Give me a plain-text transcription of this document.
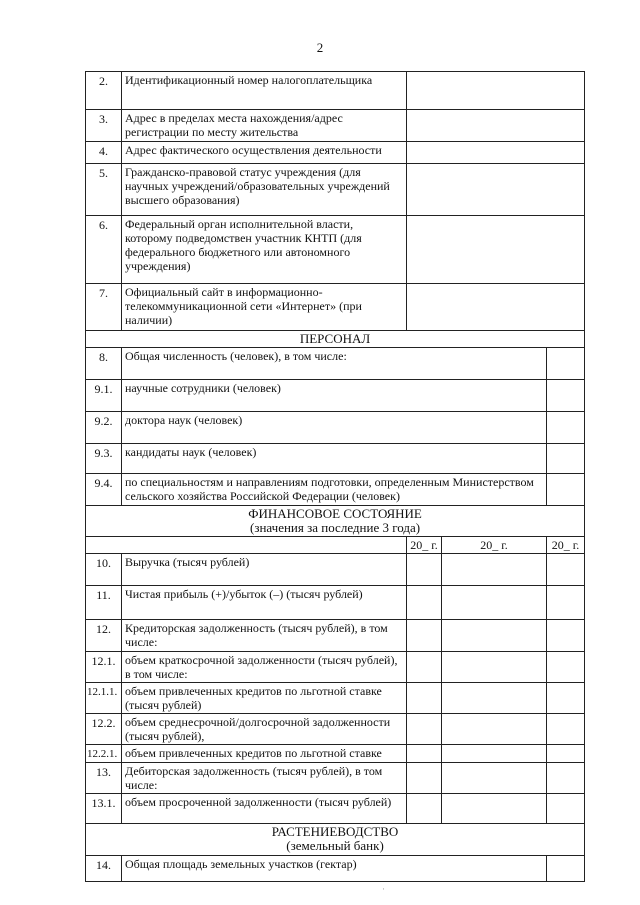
2
2.	Идентификационный номер налогоплательщика			
3.	Адрес в пределах места нахождения/адрес регистрации по месту жительства			
4.	Адрес фактического осуществления деятельности			
5.	Гражданско-правовой статус учреждения (для научных учреждений/образовательных учреждений высшего образования)			
6.	Федеральный орган исполнительной власти, которому подведомствен участник КНТП (для федерального бюджетного или автономного учреждения)			
7.	Официальный сайт в информационно-телекоммуникационной сети «Интернет» (при наличии)			
ПЕРСОНАЛ				
8.	Общая численность (человек), в том числе:			
9.1.	научные сотрудники (человек)			
9.2.	доктора наук (человек)			
9.3.	кандидаты наук (человек)			
9.4.	по специальностям и направлениям подготовки, определенным Министерством сельского хозяйства Российской Федерации (человек)			

ФИНАНСОВОЕ СОСТОЯНИЕ
(значения за последние 3 года)				

		20_ г.	20_ г.	20_ г.
10.	Выручка (тысяч рублей)			
11.	Чистая прибыль (+)/убыток (–) (тысяч рублей)			
12.	Кредиторская задолженность (тысяч рублей), в том числе:			
12.1.	объем краткосрочной задолженности (тысяч рублей), в том числе:			
12.1.1.	объем привлеченных кредитов по льготной ставке (тысяч рублей)			
12.2.	объем среднесрочной/долгосрочной задолженности (тысяч рублей),			
12.2.1.	объем привлеченных кредитов по льготной ставке			
13.	Дебиторская задолженность (тысяч рублей), в том числе:			
13.1.	объем просроченной задолженности (тысяч рублей)			

РАСТЕНИЕВОДСТВО
(земельный банк)				

14.	Общая площадь земельных участков (гектар)			
·
